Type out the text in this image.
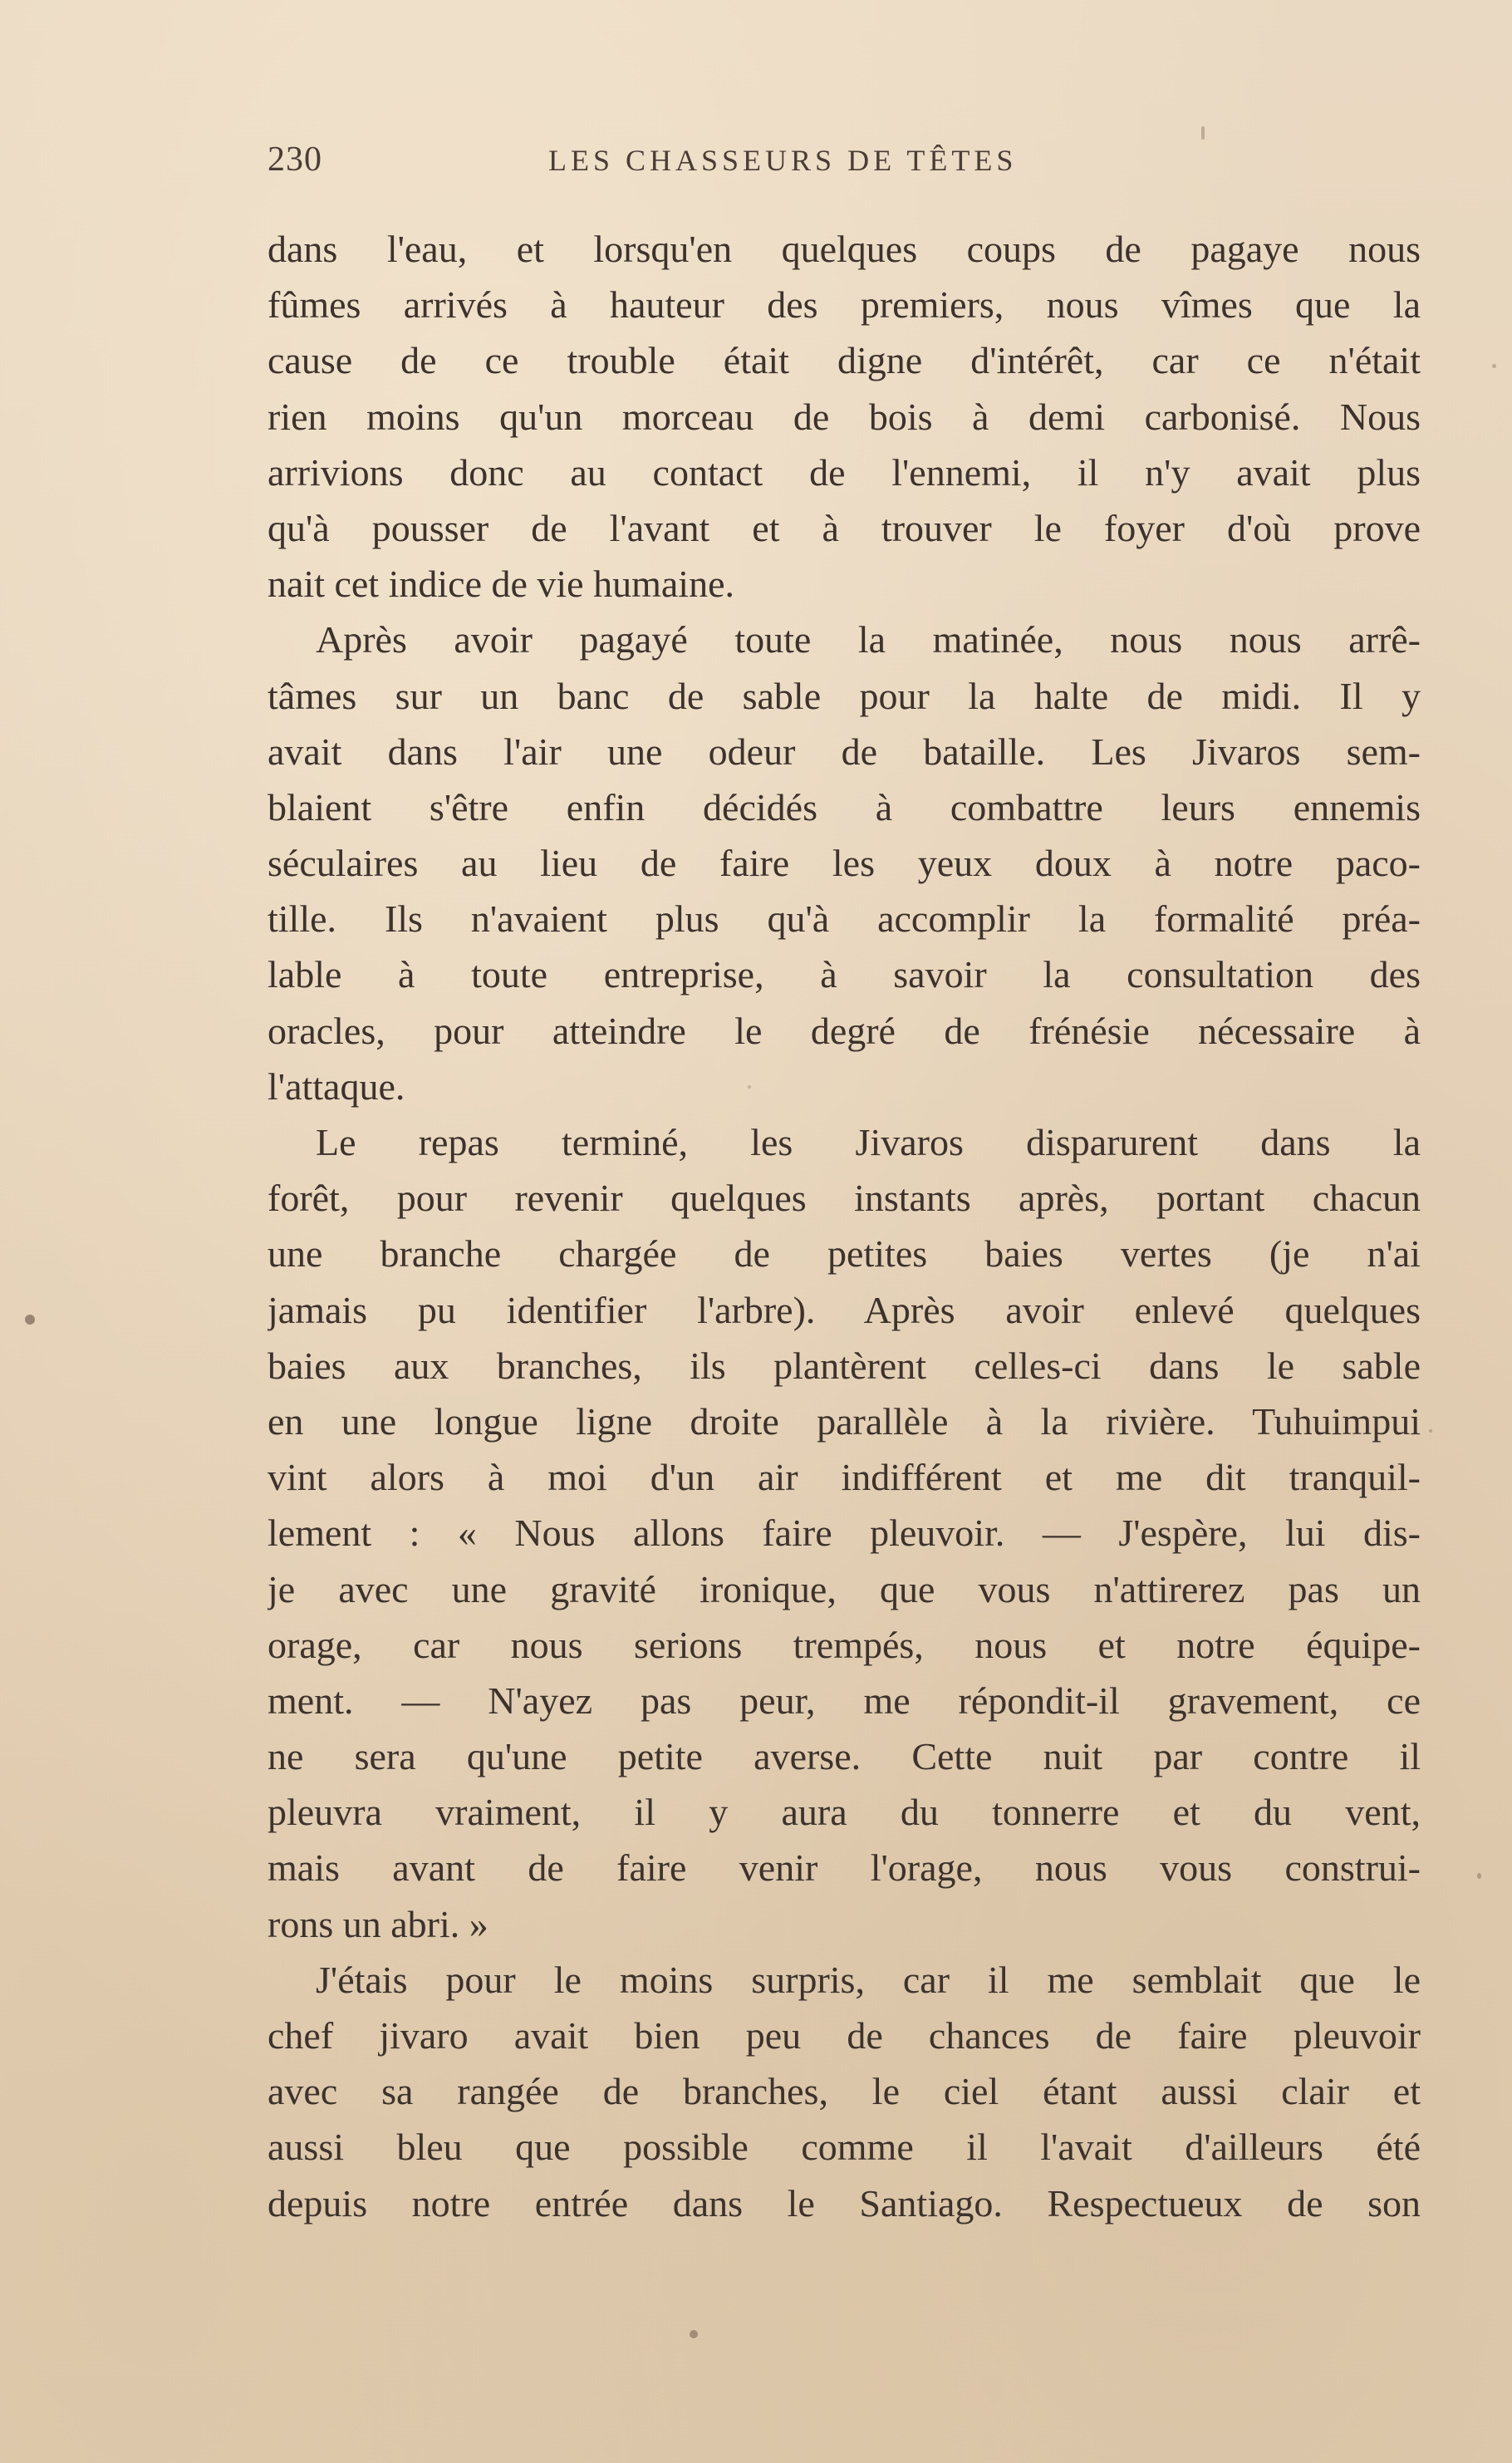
230	LES CHASSEURS DE TÊTES
dans l'eau, et lorsqu'en quelques coups de pagaye nous
fûmes arrivés à hauteur des premiers, nous vîmes que la
cause de ce trouble était digne d'intérêt, car ce n'était
rien moins qu'un morceau de bois à demi carbonisé. Nous
arrivions donc au contact de l'ennemi, il n'y avait plus
qu'à pousser de l'avant et à trouver le foyer d'où prove
nait cet indice de vie humaine.
Après avoir pagayé toute la matinée, nous nous arrê-
tâmes sur un banc de sable pour la halte de midi. Il y
avait dans l'air une odeur de bataille. Les Jivaros sem-
blaient s'être enfin décidés à combattre leurs ennemis
séculaires au lieu de faire les yeux doux à notre paco-
tille. Ils n'avaient plus qu'à accomplir la formalité préa-
lable à toute entreprise, à savoir la consultation des
oracles, pour atteindre le degré de frénésie nécessaire à
l'attaque.
Le repas terminé, les Jivaros disparurent dans la
forêt, pour revenir quelques instants après, portant chacun
une branche chargée de petites baies vertes (je n'ai
jamais pu identifier l'arbre). Après avoir enlevé quelques
baies aux branches, ils plantèrent celles-ci dans le sable
en une longue ligne droite parallèle à la rivière. Tuhuimpui
vint alors à moi d'un air indifférent et me dit tranquil-
lement : « Nous allons faire pleuvoir. — J'espère, lui dis-
je avec une gravité ironique, que vous n'attirerez pas un
orage, car nous serions trempés, nous et notre équipe-
ment. — N'ayez pas peur, me répondit-il gravement, ce
ne sera qu'une petite averse. Cette nuit par contre il
pleuvra vraiment, il y aura du tonnerre et du vent,
mais avant de faire venir l'orage, nous vous construi-
rons un abri. »
J'étais pour le moins surpris, car il me semblait que le
chef jivaro avait bien peu de chances de faire pleuvoir
avec sa rangée de branches, le ciel étant aussi clair et
aussi bleu que possible comme il l'avait d'ailleurs été
depuis notre entrée dans le Santiago. Respectueux de son
